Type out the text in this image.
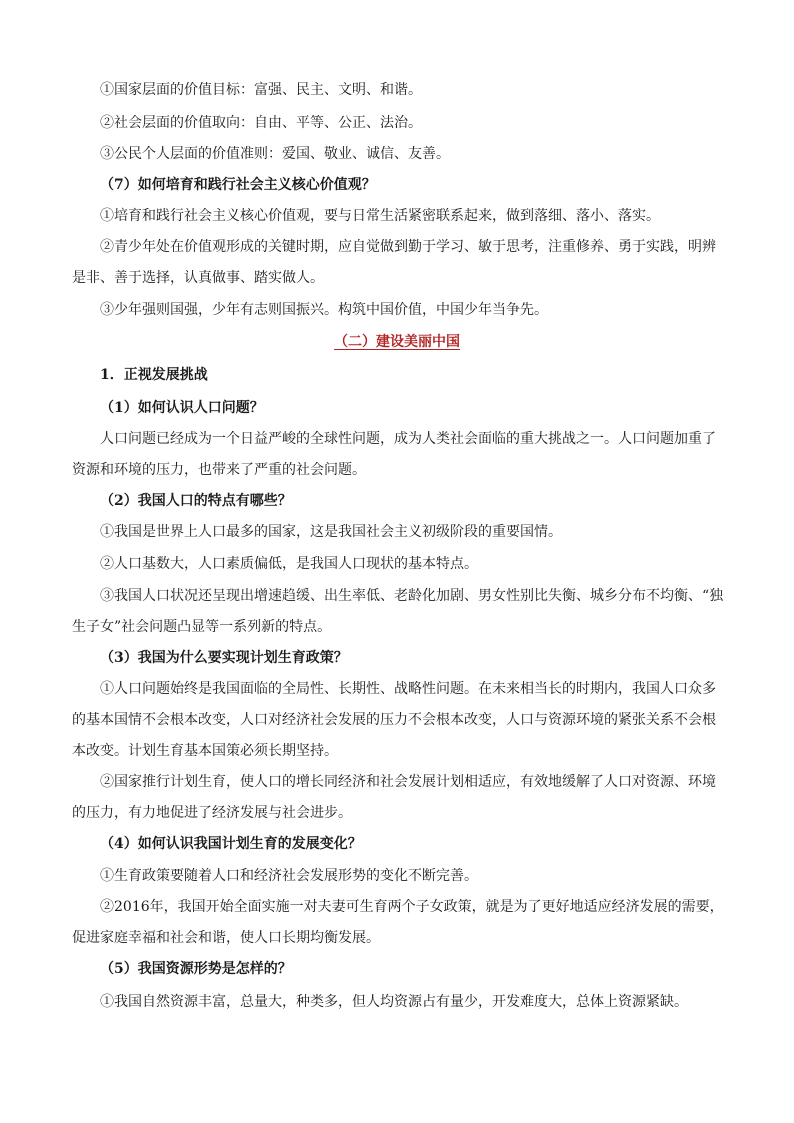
①国家层面的价值目标：富强、民主、文明、和谐。
②社会层面的价值取向：自由、平等、公正、法治。
③公民个人层面的价值准则：爱国、敬业、诚信、友善。
（7）如何培育和践行社会主义核心价值观？
①培育和践行社会主义核心价值观，要与日常生活紧密联系起来，做到落细、落小、落实。
②青少年处在价值观形成的关键时期，应自觉做到勤于学习、敏于思考，注重修养、勇于实践，明辨
是非、善于选择，认真做事、踏实做人。
③少年强则国强，少年有志则国振兴。构筑中国价值，中国少年当争先。
（二）建设美丽中国
1．正视发展挑战
（1）如何认识人口问题？
人口问题已经成为一个日益严峻的全球性问题，成为人类社会面临的重大挑战之一。人口问题加重了
资源和环境的压力，也带来了严重的社会问题。
（2）我国人口的特点有哪些？
①我国是世界上人口最多的国家，这是我国社会主义初级阶段的重要国情。
②人口基数大，人口素质偏低，是我国人口现状的基本特点。
③我国人口状况还呈现出增速趋缓、出生率低、老龄化加剧、男女性别比失衡、城乡分布不均衡、“独
生子女”社会问题凸显等一系列新的特点。
（3）我国为什么要实现计划生育政策？
①人口问题始终是我国面临的全局性、长期性、战略性问题。在未来相当长的时期内，我国人口众多
的基本国情不会根本改变，人口对经济社会发展的压力不会根本改变，人口与资源环境的紧张关系不会根
本改变。计划生育基本国策必须长期坚持。
②国家推行计划生育，使人口的增长同经济和社会发展计划相适应，有效地缓解了人口对资源、环境
的压力，有力地促进了经济发展与社会进步。
（4）如何认识我国计划生育的发展变化？
①生育政策要随着人口和经济社会发展形势的变化不断完善。
②2016年，我国开始全面实施一对夫妻可生育两个子女政策，就是为了更好地适应经济发展的需要，
促进家庭幸福和社会和谐，使人口长期均衡发展。
（5）我国资源形势是怎样的？
①我国自然资源丰富，总量大，种类多，但人均资源占有量少，开发难度大，总体上资源紧缺。
